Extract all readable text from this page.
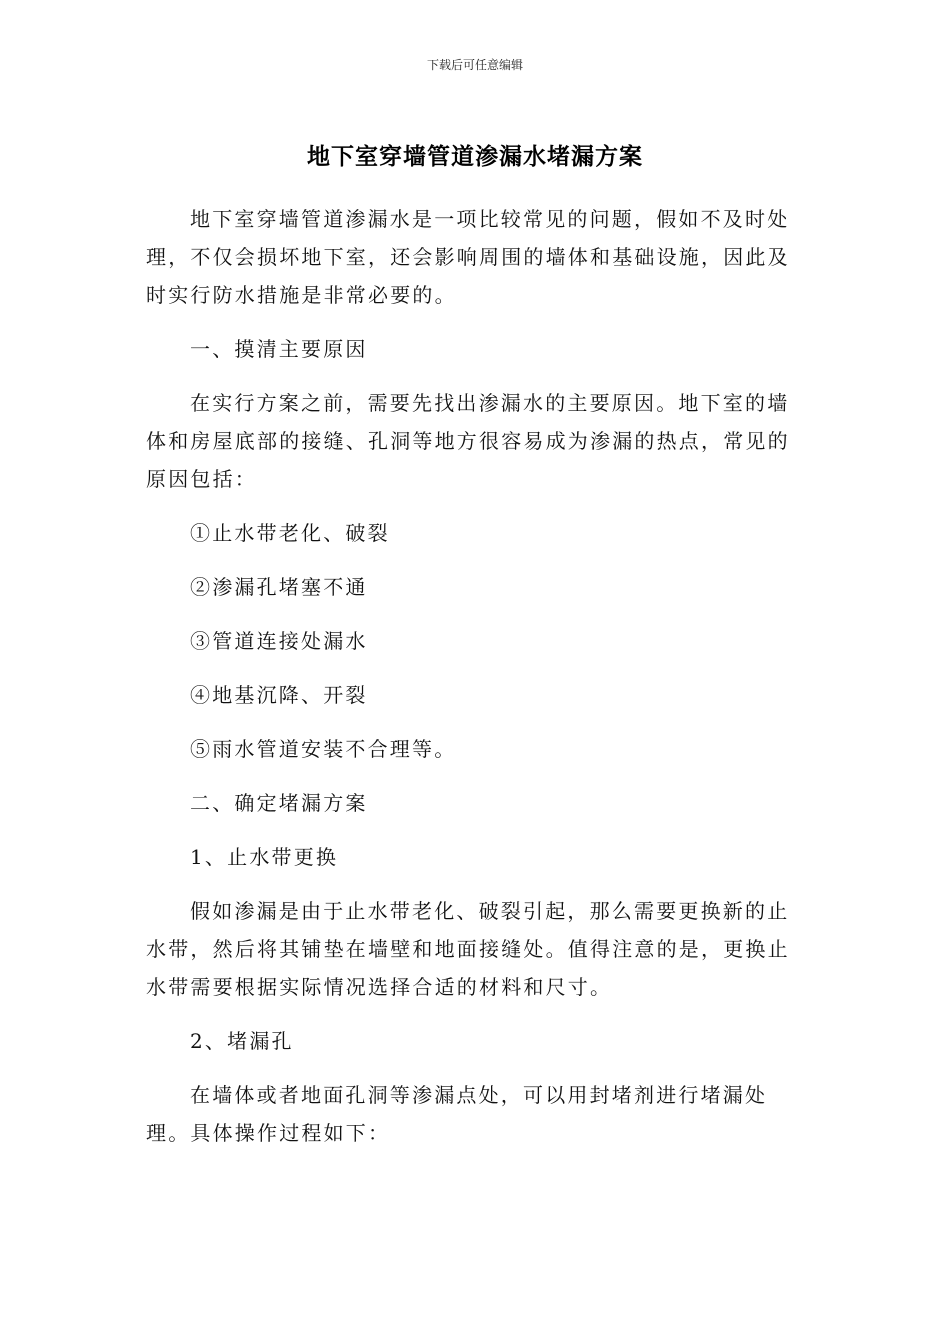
下载后可任意编辑
地下室穿墙管道渗漏水堵漏方案

地下室穿墙管道渗漏水是一项比较常见的问题，假如不及时处理，不仅会损坏地下室，还会影响周围的墙体和基础设施，因此及时实行防水措施是非常必要的。

一、摸清主要原因

在实行方案之前，需要先找出渗漏水的主要原因。地下室的墙体和房屋底部的接缝、孔洞等地方很容易成为渗漏的热点，常见的原因包括：

①止水带老化、破裂

②渗漏孔堵塞不通

③管道连接处漏水

④地基沉降、开裂

⑤雨水管道安装不合理等。

二、确定堵漏方案

1、止水带更换

假如渗漏是由于止水带老化、破裂引起，那么需要更换新的止水带，然后将其铺垫在墙壁和地面接缝处。值得注意的是，更换止水带需要根据实际情况选择合适的材料和尺寸。

2、堵漏孔

在墙体或者地面孔洞等渗漏点处，可以用封堵剂进行堵漏处理。具体操作过程如下：
